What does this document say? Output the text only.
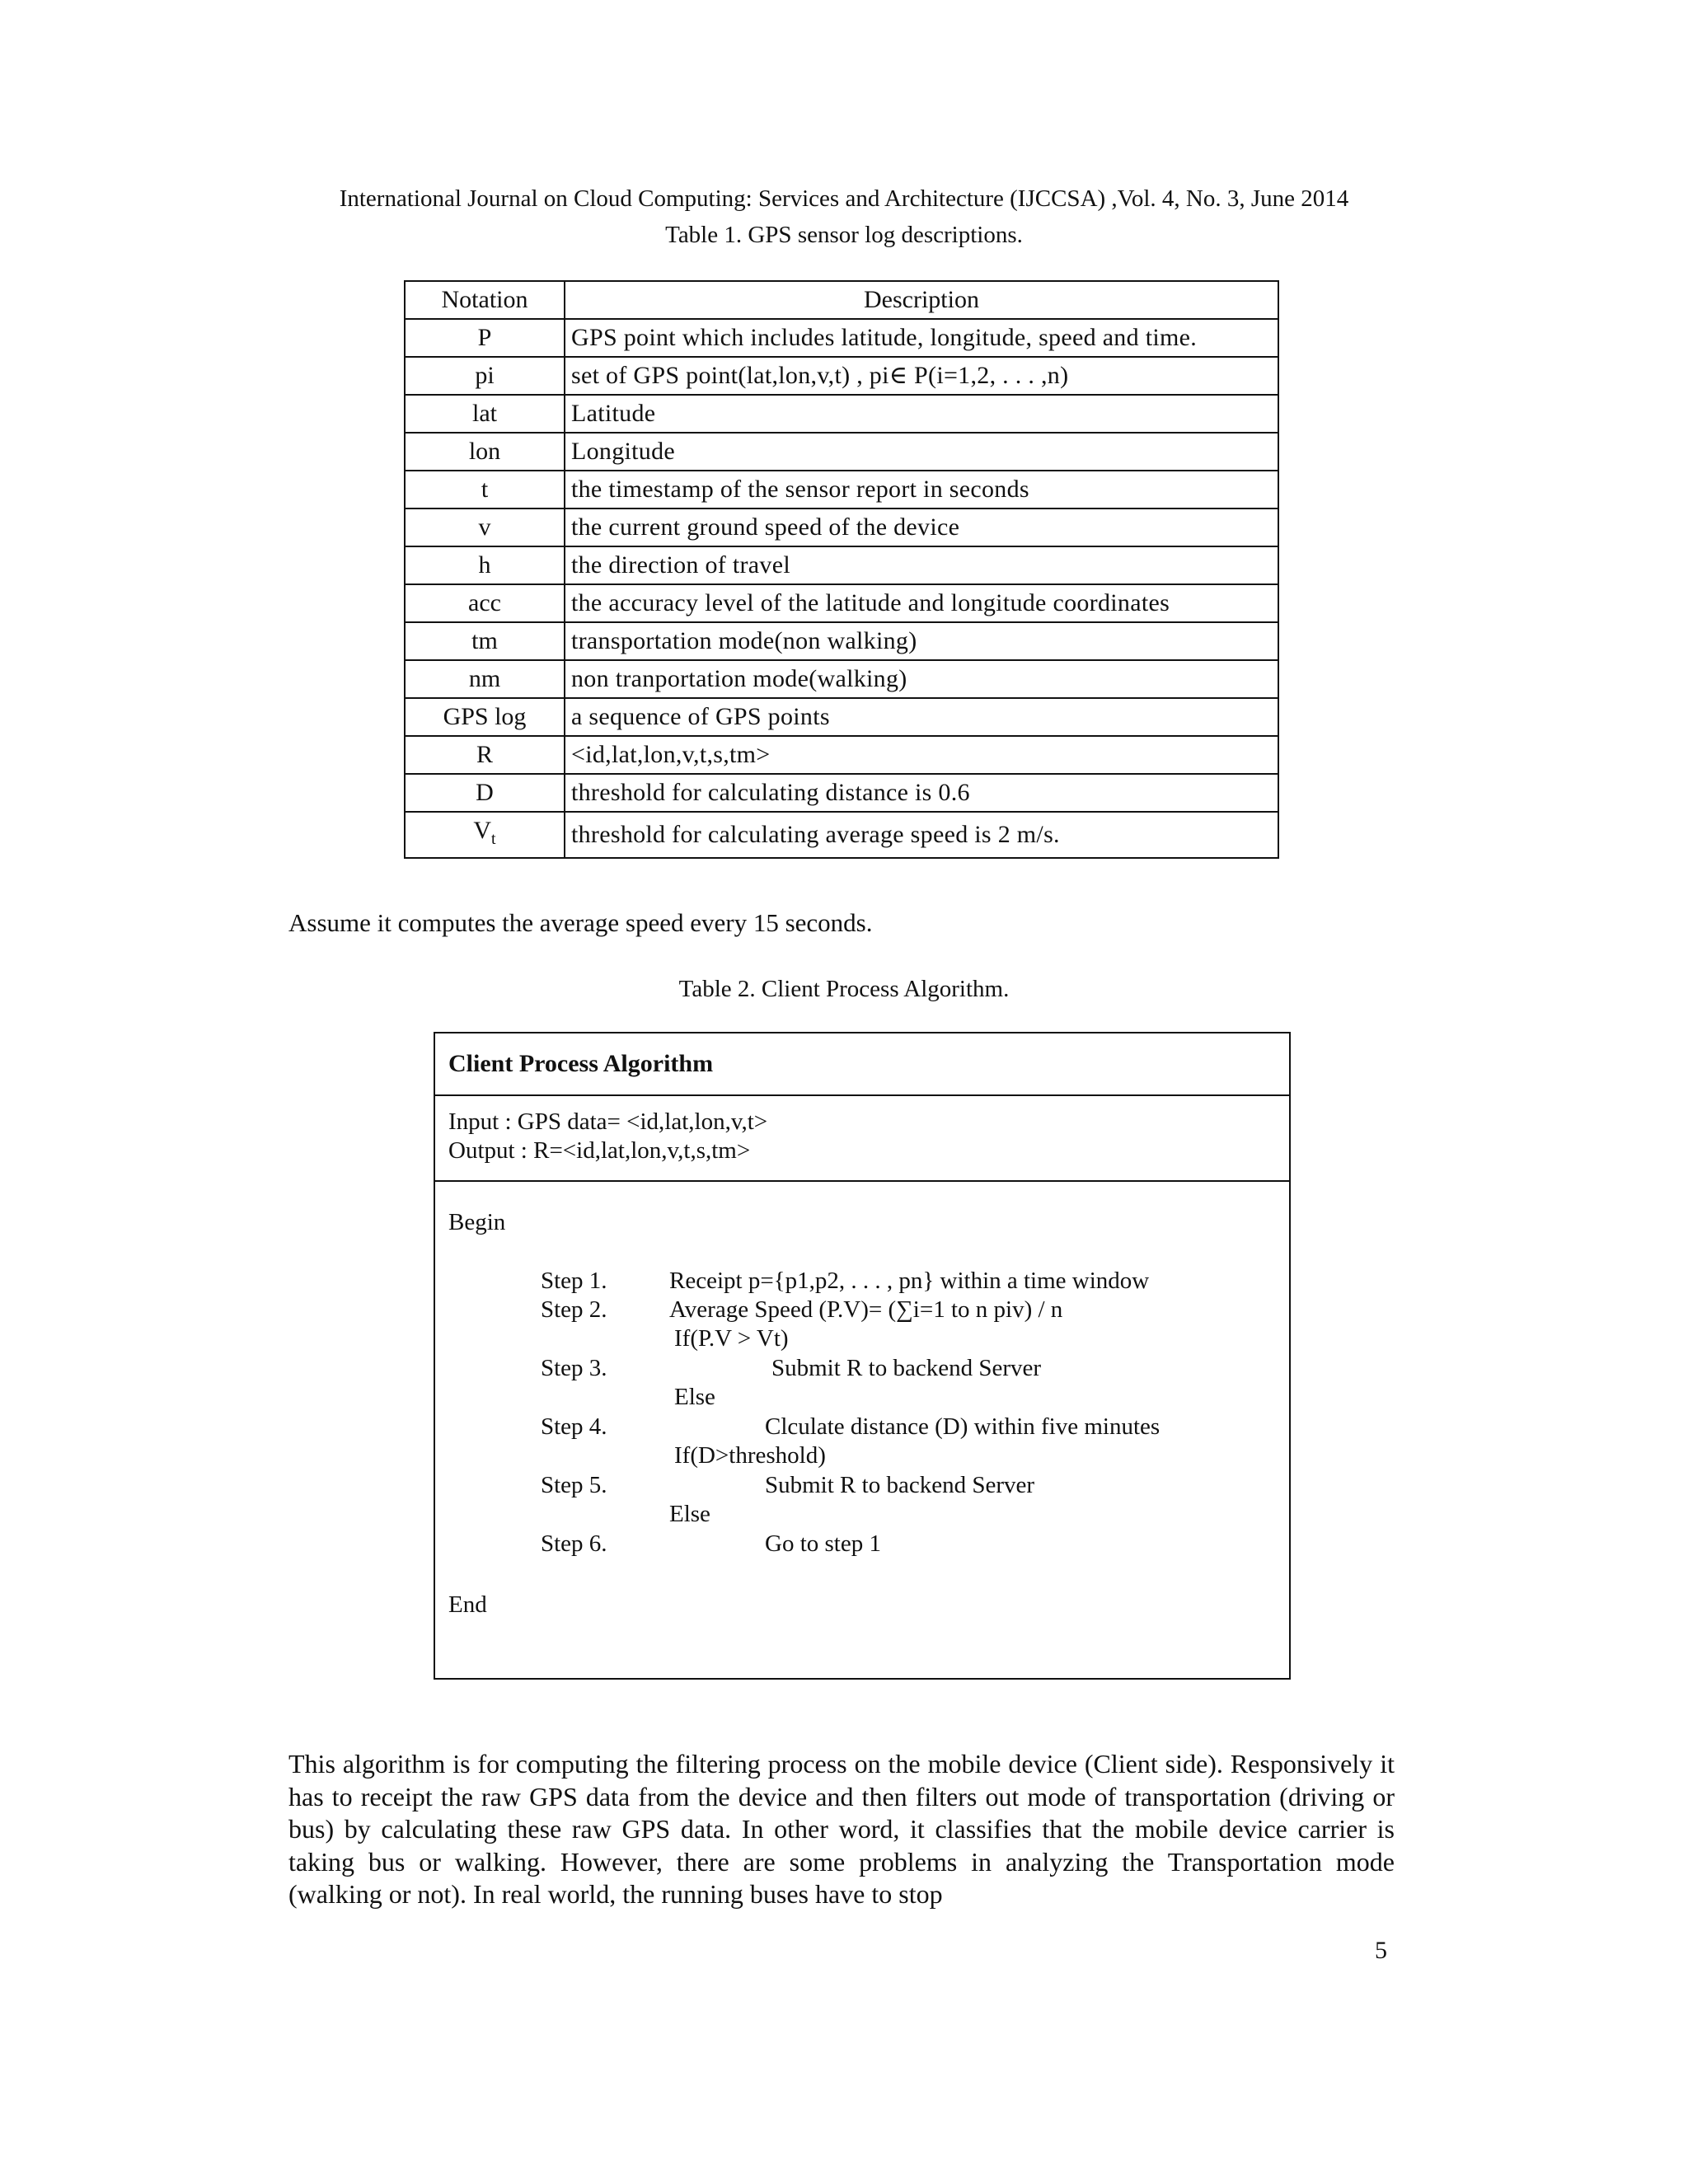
International Journal on Cloud Computing: Services and Architecture (IJCCSA) ,Vol. 4, No. 3, June 2014
Table 1. GPS sensor log descriptions.
Notation	Description
P	GPS point which includes latitude, longitude, speed and time.
pi	set of GPS point(lat,lon,v,t) , pi∈ P(i=1,2, . . . ,n)
lat	Latitude
lon	Longitude
t	the timestamp of the sensor report in seconds
v	the current ground speed of the device
h	the direction of travel
acc	the accuracy level of the latitude and longitude coordinates
tm	transportation mode(non walking)
nm	non tranportation mode(walking)
GPS log	a sequence of GPS points
R	<id,lat,lon,v,t,s,tm>
D	threshold for calculating distance is 0.6
$V_t$	threshold for calculating average speed is 2 m/s.
Assume it computes the average speed every 15 seconds.
Table 2. Client Process Algorithm.
Client Process Algorithm
Input : GPS data= <id,lat,lon,v,t>
Output : R=<id,lat,lon,v,t,s,tm>
Begin
Step 1.	Receipt p={p1,p2, . . . , pn} within a time window
Step 2.	Average Speed (P.V)= (∑i=1 to n piv) / n
If(P.V > Vt)
Step 3.	Submit R to backend Server
Else
Step 4.	Clculate distance (D) within five minutes
If(D>threshold)
Step 5.	Submit R to backend Server
Else
Step 6.	Go to step 1
End
This algorithm is for computing the filtering process on the mobile device (Client side). Responsively it has to receipt the raw GPS data from the device and then filters out mode of transportation (driving or bus) by calculating these raw GPS data. In other word, it classifies that the mobile device carrier is taking bus or walking. However, there are some problems in analyzing the Transportation mode (walking or not). In real world, the running buses have to stop
5
